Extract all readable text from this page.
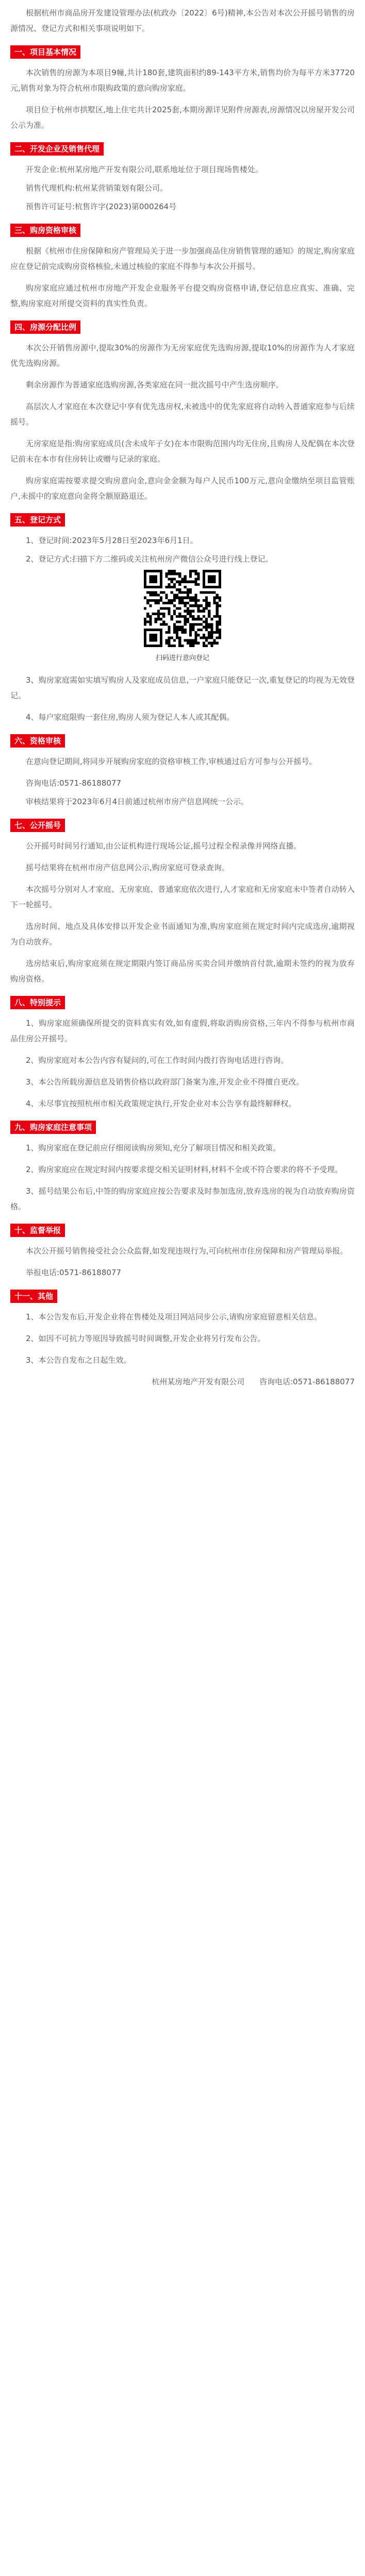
根据杭州市商品房开发建设管理办法(杭政办〔2022〕6号)精神,本公告对本次公开摇号销售的房源情况、登记方式和相关事项说明如下。

一、项目基本情况

本次销售的房源为本项目9幢,共计180套,建筑面积约89-143平方米,销售均价为每平方米37720元,销售对象为符合杭州市限购政策的意向购房家庭。

项目位于杭州市拱墅区,地上住宅共计2025套,本期房源详见附件房源表,房源情况以房屋开发公司公示为准。

二、开发企业及销售代理

开发企业:杭州某房地产开发有限公司,联系地址位于项目现场售楼处。

销售代理机构:杭州某营销策划有限公司。

预售许可证号:杭售许字(2023)第000264号

三、购房资格审核

根据《杭州市住房保障和房产管理局关于进一步加强商品住房销售管理的通知》的规定,购房家庭应在登记前完成购房资格核验,未通过核验的家庭不得参与本次公开摇号。

购房家庭应通过杭州市房地产开发企业服务平台提交购房资格申请,登记信息应真实、准确、完整,购房家庭对所提交资料的真实性负责。

四、房源分配比例

本次公开销售房源中,提取30%的房源作为无房家庭优先选购房源,提取10%的房源作为人才家庭优先选购房源。

剩余房源作为普通家庭选购房源,各类家庭在同一批次摇号中产生选房顺序。

高层次人才家庭在本次登记中享有优先选房权,未被选中的优先家庭将自动转入普通家庭参与后续摇号。

无房家庭是指:购房家庭成员(含未成年子女)在本市限购范围内均无住房,且购房人及配偶在本次登记前未在本市有住房转让或赠与记录的家庭。

购房家庭需按要求提交购房意向金,意向金金额为每户人民币100万元,意向金缴纳至项目监管账户,未摇中的家庭意向金将全额原路退还。

五、登记方式

1、登记时间:2023年5月28日至2023年6月1日。

2、登记方式:扫描下方二维码或关注杭州房产微信公众号进行线上登记。

扫码进行意向登记

3、购房家庭需如实填写购房人及家庭成员信息,一户家庭只能登记一次,重复登记的均视为无效登记。

4、每户家庭限购一套住房,购房人须为登记人本人或其配偶。

六、资格审核

在意向登记期间,将同步开展购房家庭的资格审核工作,审核通过后方可参与公开摇号。

咨询电话:0571-86188077

审核结果将于2023年6月4日前通过杭州市房产信息网统一公示。

七、公开摇号

公开摇号时间另行通知,由公证机构进行现场公证,摇号过程全程录像并网络直播。

摇号结果将在杭州市房产信息网公示,购房家庭可登录查询。

本次摇号分别对人才家庭、无房家庭、普通家庭依次进行,人才家庭和无房家庭未中签者自动转入下一轮摇号。

选房时间、地点及具体安排以开发企业书面通知为准,购房家庭须在规定时间内完成选房,逾期视为自动放弃。

选房结束后,购房家庭须在规定期限内签订商品房买卖合同并缴纳首付款,逾期未签约的视为放弃购房资格。

八、特别提示

1、购房家庭须确保所提交的资料真实有效,如有虚假,将取消购房资格,三年内不得参与杭州市商品住房公开摇号。

2、购房家庭对本公告内容有疑问的,可在工作时间内拨打咨询电话进行咨询。

3、本公告所载房源信息及销售价格以政府部门备案为准,开发企业不得擅自更改。

4、未尽事宜按照杭州市相关政策规定执行,开发企业对本公告享有最终解释权。

九、购房家庭注意事项

1、购房家庭在登记前应仔细阅读购房须知,充分了解项目情况和相关政策。

2、购房家庭应在规定时间内按要求提交相关证明材料,材料不全或不符合要求的将不予受理。

3、摇号结果公布后,中签的购房家庭应按公告要求及时参加选房,放弃选房的视为自动放弃购房资格。

十、监督举报

本次公开摇号销售接受社会公众监督,如发现违规行为,可向杭州市住房保障和房产管理局举报。

举报电话:0571-86188077

十一、其他

1、本公告发布后,开发企业将在售楼处及项目网站同步公示,请购房家庭留意相关信息。

2、如因不可抗力等原因导致摇号时间调整,开发企业将另行发布公告。

3、本公告自发布之日起生效。

杭州某房地产开发有限公司 咨询电话:0571-86188077
